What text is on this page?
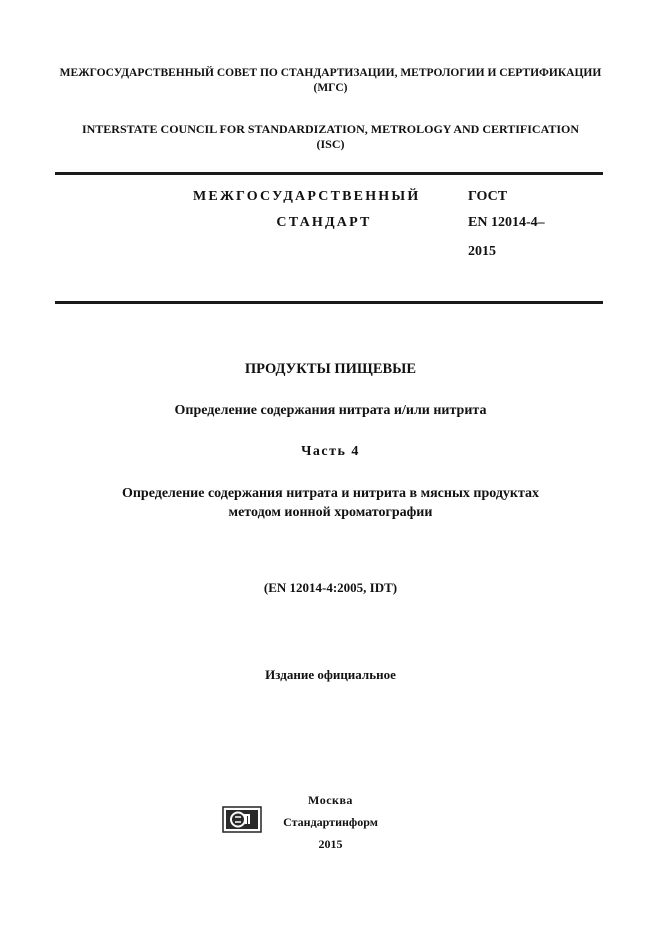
МЕЖГОСУДАРСТВЕННЫЙ СОВЕТ ПО СТАНДАРТИЗАЦИИ, МЕТРОЛОГИИ И СЕРТИФИКАЦИИ
(МГС)
INTERSTATE COUNCIL FOR STANDARDIZATION, METROLOGY AND CERTIFICATION
(ISC)
МЕЖГОСУДАРСТВЕННЫЙ
СТАНДАРТ
ГОСТ
EN 12014-4–
2015
ПРОДУКТЫ ПИЩЕВЫЕ
Определение содержания нитрата и/или нитрита
Часть 4
Определение содержания нитрата и нитрита в мясных продуктах
методом ионной хроматографии
(EN 12014-4:2005, IDT)
Издание официальное
Москва
Стандартинформ
2015
